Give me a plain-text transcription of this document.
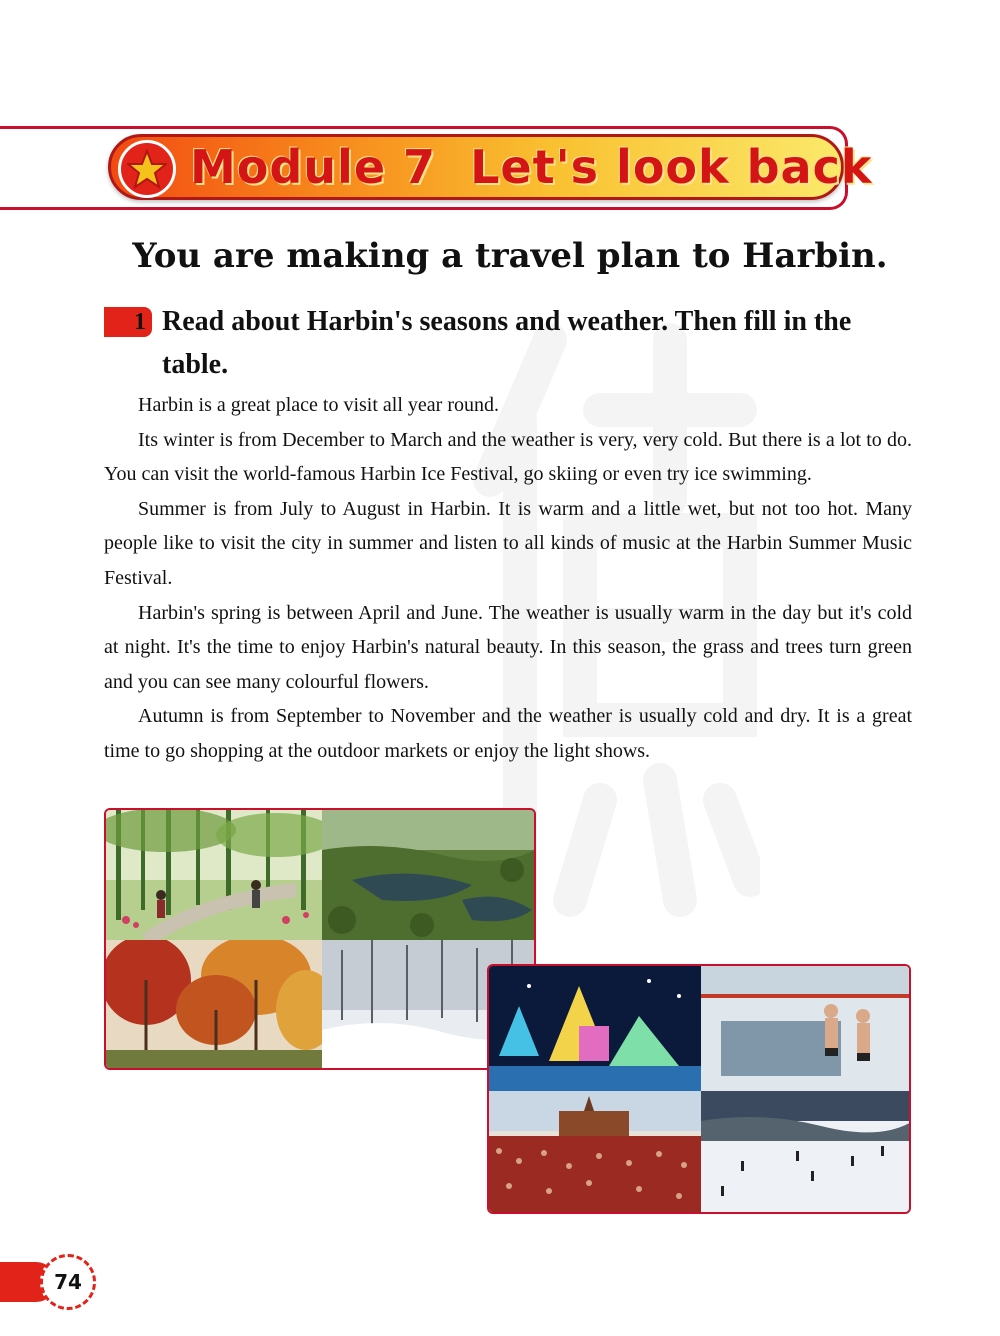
Module 7  Let's look back
You are making a travel plan to Harbin.
1 Read about Harbin's seasons and weather. Then fill in the table.

Harbin is a great place to visit all year round.

Its winter is from December to March and the weather is very, very cold. But there is a lot to do. You can visit the world-famous Harbin Ice Festival, go skiing or even try ice swimming.

Summer is from July to August in Harbin. It is warm and a little wet, but not too hot. Many people like to visit the city in summer and listen to all kinds of music at the Harbin Summer Music Festival.

Harbin's spring is between April and June. The weather is usually warm in the day but it's cold at night. It's the time to enjoy Harbin's natural beauty. In this season, the grass and trees turn green and you can see many colourful flowers.

Autumn is from September to November and the weather is usually cold and dry. It is a great time to go shopping at the outdoor markets or enjoy the light shows.

74
